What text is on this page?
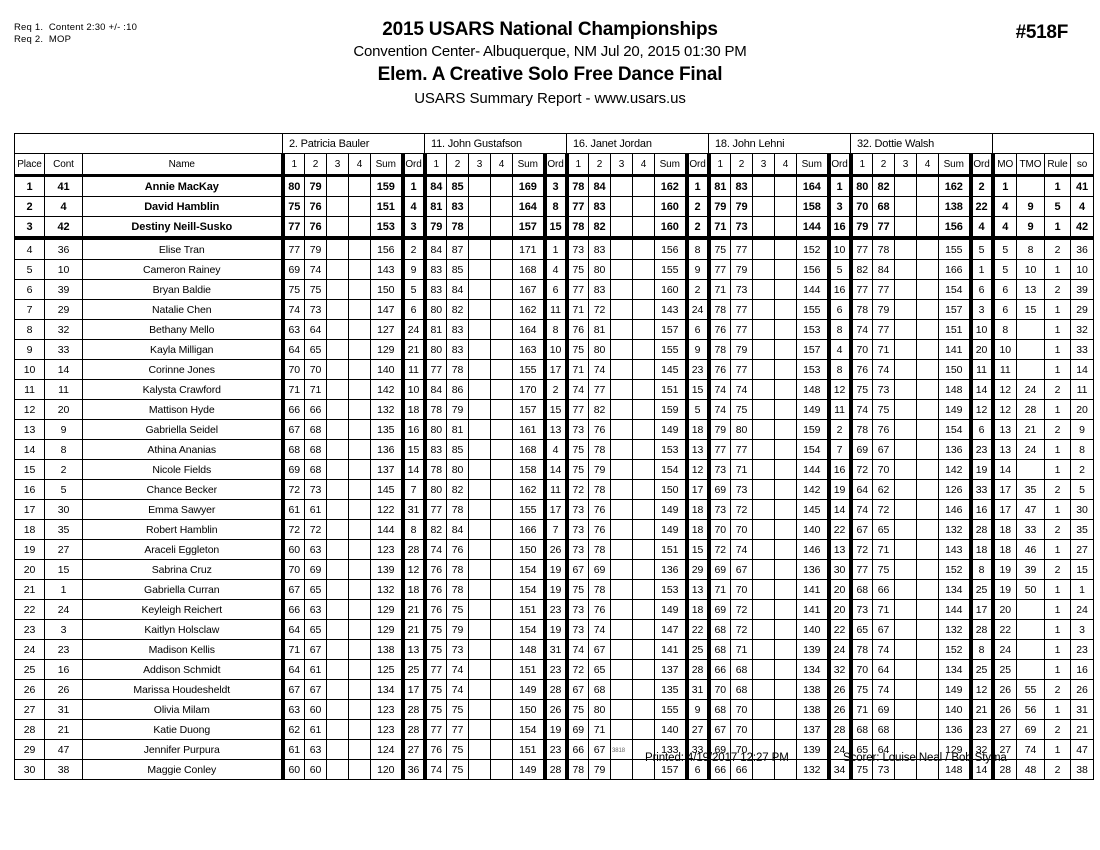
Req 1.  Content 2:30 +/- :10
Req 2.  MOP	2015 USARS National Championships
Convention Center- Albuquerque, NM Jul 20, 2015 01:30 PM
Elem. A Creative Solo Free Dance Final
USARS Summary Report - www.usars.us
#518F
			2. Patricia Bauler						11. John Gustafson						16. Janet Jordan						18. John Lehni						32. Dottie Walsh									
Place	Cont	Name	1	2	3	4	Sum	Ord	1	2	3	4	Sum	Ord	1	2	3	4	Sum	Ord	1	2	3	4	Sum	Ord	1	2	3	4	Sum	Ord	MO	TMO	Rule	so
1	41	Annie MacKay	80	79			159	1	84	85			169	3	78	84			162	1	81	83			164	1	80	82			162	2	1		1	41
2	4	David Hamblin	75	76			151	4	81	83			164	8	77	83			160	2	79	79			158	3	70	68			138	22	4	9	5	4
3	42	Destiny Neill-Susko	77	76			153	3	79	78			157	15	78	82			160	2	71	73			144	16	79	77			156	4	4	9	1	42
4	36	Elise Tran	77	79			156	2	84	87			171	1	73	83			156	8	75	77			152	10	77	78			155	5	5	8	2	36
5	10	Cameron Rainey	69	74			143	9	83	85			168	4	75	80			155	9	77	79			156	5	82	84			166	1	5	10	1	10
6	39	Bryan Baldie	75	75			150	5	83	84			167	6	77	83			160	2	71	73			144	16	77	77			154	6	6	13	2	39
7	29	Natalie Chen	74	73			147	6	80	82			162	11	71	72			143	24	78	77			155	6	78	79			157	3	6	15	1	29
8	32	Bethany Mello	63	64			127	24	81	83			164	8	76	81			157	6	76	77			153	8	74	77			151	10	8		1	32
9	33	Kayla Milligan	64	65			129	21	80	83			163	10	75	80			155	9	78	79			157	4	70	71			141	20	10		1	33
10	14	Corinne Jones	70	70			140	11	77	78			155	17	71	74			145	23	76	77			153	8	76	74			150	11	11		1	14
11	11	Kalysta Crawford	71	71			142	10	84	86			170	2	74	77			151	15	74	74			148	12	75	73			148	14	12	24	2	11
12	20	Mattison Hyde	66	66			132	18	78	79			157	15	77	82			159	5	74	75			149	11	74	75			149	12	12	28	1	20
13	9	Gabriella Seidel	67	68			135	16	80	81			161	13	73	76			149	18	79	80			159	2	78	76			154	6	13	21	2	9
14	8	Athina Ananias	68	68			136	15	83	85			168	4	75	78			153	13	77	77			154	7	69	67			136	23	13	24	1	8
15	2	Nicole Fields	69	68			137	14	78	80			158	14	75	79			154	12	73	71			144	16	72	70			142	19	14		1	2
16	5	Chance Becker	72	73			145	7	80	82			162	11	72	78			150	17	69	73			142	19	64	62			126	33	17	35	2	5
17	30	Emma Sawyer	61	61			122	31	77	78			155	17	73	76			149	18	73	72			145	14	74	72			146	16	17	47	1	30
18	35	Robert Hamblin	72	72			144	8	82	84			166	7	73	76			149	18	70	70			140	22	67	65			132	28	18	33	2	35
19	27	Araceli Eggleton	60	63			123	28	74	76			150	26	73	78			151	15	72	74			146	13	72	71			143	18	18	46	1	27
20	15	Sabrina Cruz	70	69			139	12	76	78			154	19	67	69			136	29	69	67			136	30	77	75			152	8	19	39	2	15
21	1	Gabriella Curran	67	65			132	18	76	78			154	19	75	78			153	13	71	70			141	20	68	66			134	25	19	50	1	1
22	24	Keyleigh Reichert	66	63			129	21	76	75			151	23	73	76			149	18	69	72			141	20	73	71			144	17	20		1	24
23	3	Kaitlyn Holsclaw	64	65			129	21	75	79			154	19	73	74			147	22	68	72			140	22	65	67			132	28	22		1	3
24	23	Madison Kellis	71	67			138	13	75	73			148	31	74	67			141	25	68	71			139	24	78	74			152	8	24		1	23
25	16	Addison Schmidt	64	61			125	25	77	74			151	23	72	65			137	28	66	68			134	32	70	64			134	25	25		1	16
26	26	Marissa Houdesheldt	67	67			134	17	75	74			149	28	67	68			135	31	70	68			138	26	75	74			149	12	26	55	2	26
27	31	Olivia Milam	63	60			123	28	75	75			150	26	75	80			155	9	68	70			138	26	71	69			140	21	26	56	1	31
28	21	Katie Duong	62	61			123	28	77	77			154	19	69	71			140	27	67	70			137	28	68	68			136	23	27	69	2	21
29	47	Jennifer Purpura	61	63			124	27	76	75			151	23	66	67			133	33	69	70			139	24	65	64			129	32	27	74	1	47
30	38	Maggie Conley	60	60			120	36	74	75			149	28	78	79			157	6	66	66			132	34	75	73			148	14	28	48	2	38
3818
Printed: 4/19/2017 12:27 PM	Scorer: Louise Neal / Bob Styma
